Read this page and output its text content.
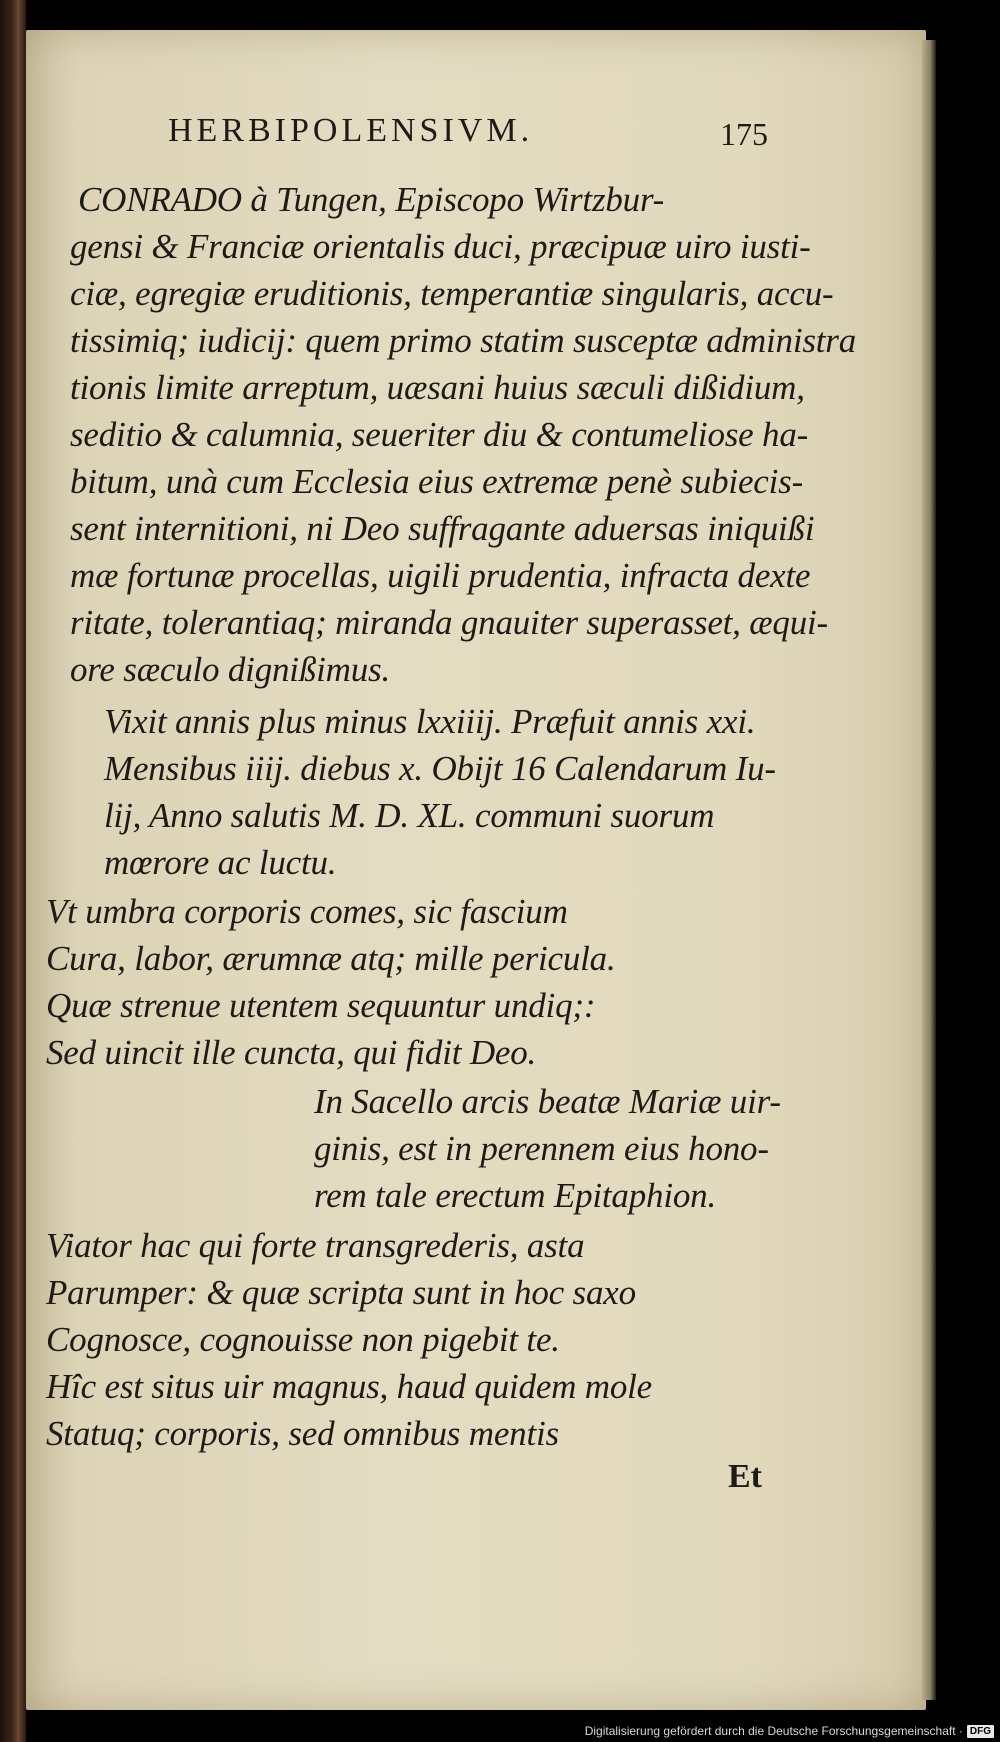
HERBIPOLENSIVM.	175
CONRADO à Tungen, Episcopo Wirtzbur-
gensi & Franciæ orientalis duci, præcipuæ uiro iusti-
ciæ, egregiæ eruditionis, temperantiæ singularis, accu-
tissimiq; iudicij: quem primo statim susceptæ administra
tionis limite arreptum, uæsani huius sæculi dißidium,
seditio & calumnia, seueriter diu & contumeliose ha-
bitum, unà cum Ecclesia eius extremæ penè subiecis-
sent internitioni, ni Deo suffragante aduersas iniquißi
mæ fortunæ procellas, uigili prudentia, infracta dexte
ritate, tolerantiaq; miranda gnauiter superasset, æqui-
ore sæculo dignißimus.
Vixit annis plus minus lxxiiij. Præfuit annis xxi.
Mensibus iiij. diebus x. Obijt 16 Calendarum Iu-
lij, Anno salutis M. D. XL. communi suorum
mœrore ac luctu.
Vt umbra corporis comes, sic fascium
Cura, labor, ærumnæ atq; mille pericula.
Quæ strenue utentem sequuntur undiq;:
Sed uincit ille cuncta, qui fidit Deo.
In Sacello arcis beatæ Mariæ uir-
ginis, est in perennem eius hono-
rem tale erectum Epitaphion.
Viator hac qui forte transgrederis, asta
Parumper: & quæ scripta sunt in hoc saxo
Cognosce, cognouisse non pigebit te.
Hîc est situs uir magnus, haud quidem mole
Statuq; corporis, sed omnibus mentis
Et
Digitalisierung gefördert durch die Deutsche Forschungsgemeinschaft · DFG
